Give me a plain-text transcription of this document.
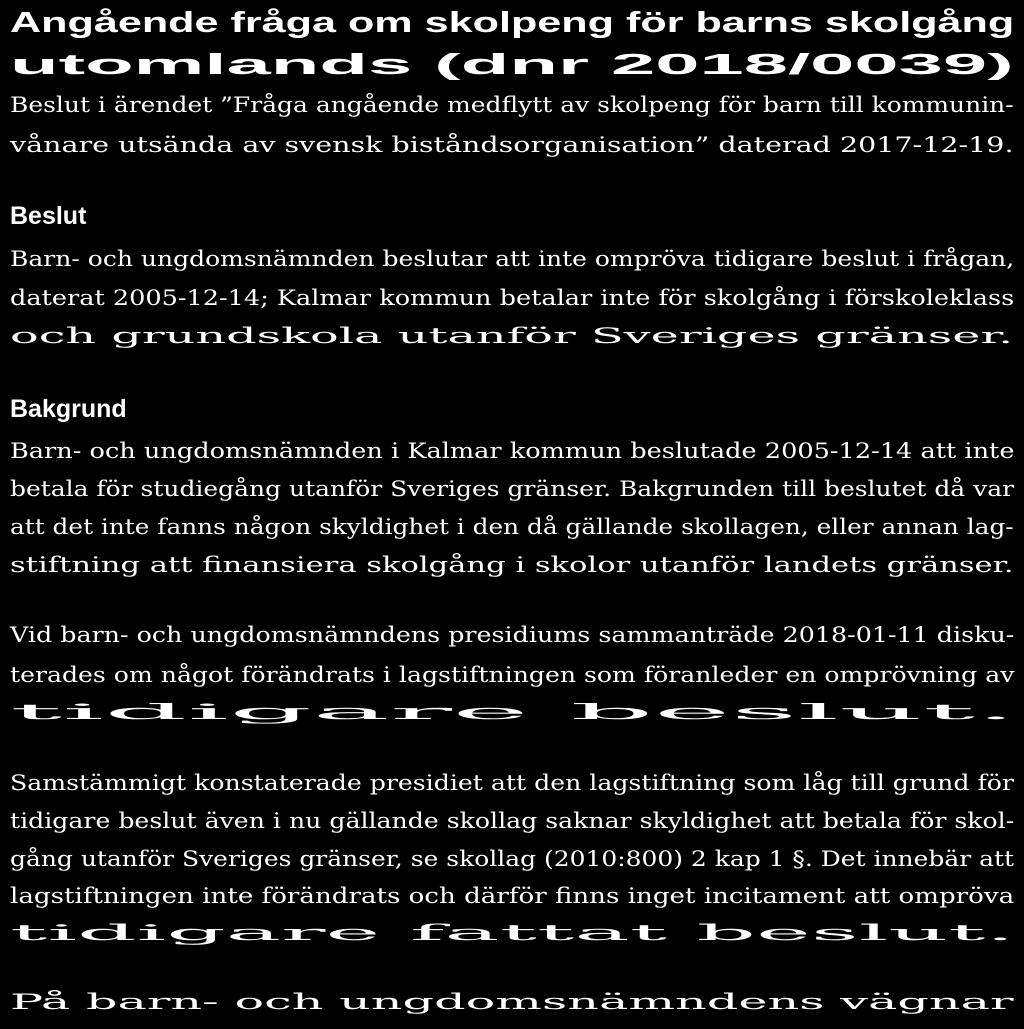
Angående fråga om skolpeng för barns skolgång
utomlands (dnr 2018/0039)
Beslut i ärendet ”Fråga angående medflytt av skolpeng för barn till kommunin-
vånare utsända av svensk biståndsorganisation” daterad 2017-12-19.
Beslut
Barn- och ungdomsnämnden beslutar att inte ompröva tidigare beslut i frågan,
daterat 2005-12-14; Kalmar kommun betalar inte för skolgång i förskoleklass
och grundskola utanför Sveriges gränser.
Bakgrund
Barn- och ungdomsnämnden i Kalmar kommun beslutade 2005-12-14 att inte
betala för studiegång utanför Sveriges gränser. Bakgrunden till beslutet då var
att det inte fanns någon skyldighet i den då gällande skollagen, eller annan lag-
stiftning att finansiera skolgång i skolor utanför landets gränser.
Vid barn- och ungdomsnämndens presidiums sammanträde 2018-01-11 disku-
terades om något förändrats i lagstiftningen som föranleder en omprövning av
tidigare beslut.
Samstämmigt konstaterade presidiet att den lagstiftning som låg till grund för
tidigare beslut även i nu gällande skollag saknar skyldighet att betala för skol-
gång utanför Sveriges gränser, se skollag (2010:800) 2 kap 1 §. Det innebär att
lagstiftningen inte förändrats och därför finns inget incitament att ompröva
tidigare fattat beslut.
På barn- och ungdomsnämndens vägnar
